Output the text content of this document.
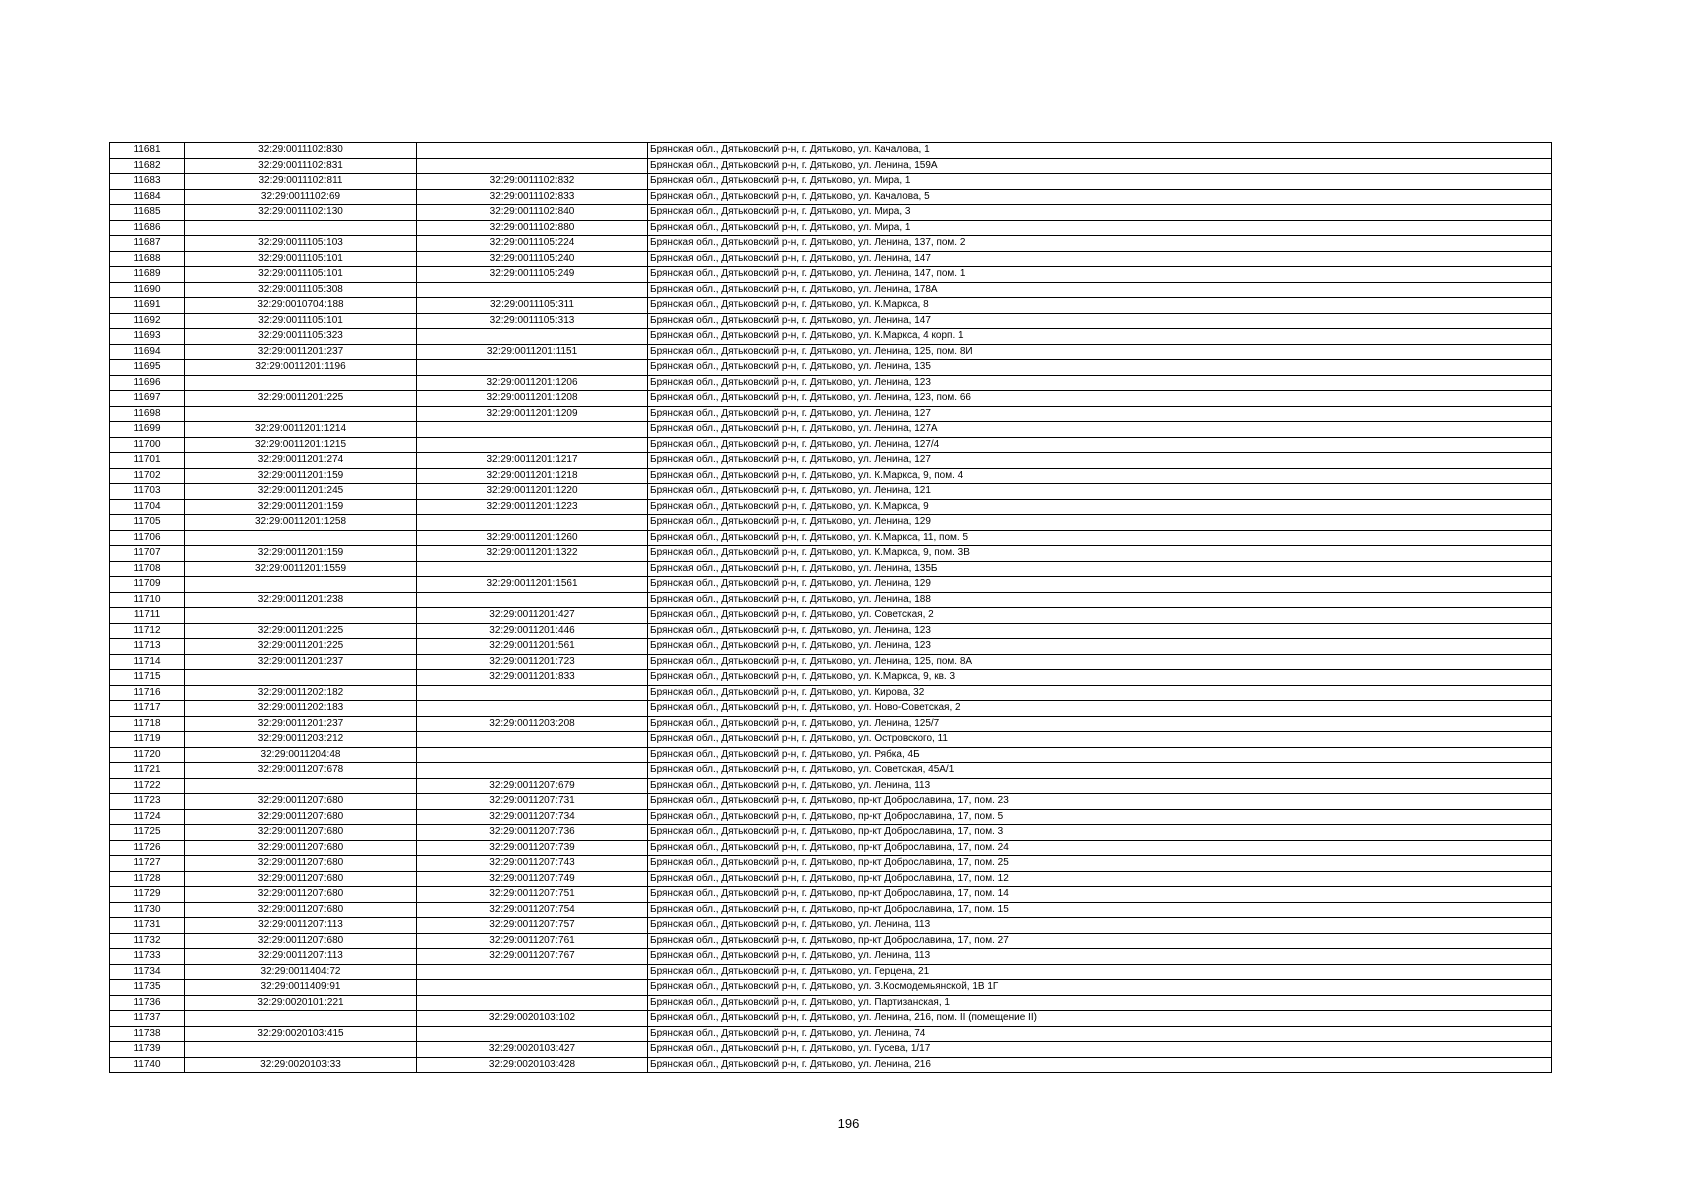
11681	32:29:0011102:830		Брянская обл., Дятьковский р-н, г. Дятьково, ул. Качалова, 1
11682	32:29:0011102:831		Брянская обл., Дятьковский р-н, г. Дятьково, ул. Ленина, 159А
11683	32:29:0011102:811	32:29:0011102:832	Брянская обл., Дятьковский р-н, г. Дятьково, ул. Мира, 1
11684	32:29:0011102:69	32:29:0011102:833	Брянская обл., Дятьковский р-н, г. Дятьково, ул. Качалова, 5
11685	32:29:0011102:130	32:29:0011102:840	Брянская обл., Дятьковский р-н, г. Дятьково, ул. Мира, 3
11686		32:29:0011102:880	Брянская обл., Дятьковский р-н, г. Дятьково, ул. Мира, 1
11687	32:29:0011105:103	32:29:0011105:224	Брянская обл., Дятьковский р-н, г. Дятьково, ул. Ленина, 137, пом. 2
11688	32:29:0011105:101	32:29:0011105:240	Брянская обл., Дятьковский р-н, г. Дятьково, ул. Ленина, 147
11689	32:29:0011105:101	32:29:0011105:249	Брянская обл., Дятьковский р-н, г. Дятьково, ул. Ленина, 147, пом. 1
11690	32:29:0011105:308		Брянская обл., Дятьковский р-н, г. Дятьково, ул. Ленина, 178А
11691	32:29:0010704:188	32:29:0011105:311	Брянская обл., Дятьковский р-н, г. Дятьково, ул. К.Маркса, 8
11692	32:29:0011105:101	32:29:0011105:313	Брянская обл., Дятьковский р-н, г. Дятьково, ул. Ленина, 147
11693	32:29:0011105:323		Брянская обл., Дятьковский р-н, г. Дятьково, ул. К.Маркса, 4 корп. 1
11694	32:29:0011201:237	32:29:0011201:1151	Брянская обл., Дятьковский р-н, г. Дятьково, ул. Ленина, 125, пом. 8И
11695	32:29:0011201:1196		Брянская обл., Дятьковский р-н, г. Дятьково, ул. Ленина, 135
11696		32:29:0011201:1206	Брянская обл., Дятьковский р-н, г. Дятьково, ул. Ленина, 123
11697	32:29:0011201:225	32:29:0011201:1208	Брянская обл., Дятьковский р-н, г. Дятьково, ул. Ленина, 123, пом. 66
11698		32:29:0011201:1209	Брянская обл., Дятьковский р-н, г. Дятьково, ул. Ленина, 127
11699	32:29:0011201:1214		Брянская обл., Дятьковский р-н, г. Дятьково, ул. Ленина, 127А
11700	32:29:0011201:1215		Брянская обл., Дятьковский р-н, г. Дятьково, ул. Ленина, 127/4
11701	32:29:0011201:274	32:29:0011201:1217	Брянская обл., Дятьковский р-н, г. Дятьково, ул. Ленина, 127
11702	32:29:0011201:159	32:29:0011201:1218	Брянская обл., Дятьковский р-н, г. Дятьково, ул. К.Маркса, 9, пом. 4
11703	32:29:0011201:245	32:29:0011201:1220	Брянская обл., Дятьковский р-н, г. Дятьково, ул. Ленина, 121
11704	32:29:0011201:159	32:29:0011201:1223	Брянская обл., Дятьковский р-н, г. Дятьково, ул. К.Маркса, 9
11705	32:29:0011201:1258		Брянская обл., Дятьковский р-н, г. Дятьково, ул. Ленина, 129
11706		32:29:0011201:1260	Брянская обл., Дятьковский р-н, г. Дятьково, ул. К.Маркса, 11, пом. 5
11707	32:29:0011201:159	32:29:0011201:1322	Брянская обл., Дятьковский р-н, г. Дятьково, ул. К.Маркса, 9, пом. 3В
11708	32:29:0011201:1559		Брянская обл., Дятьковский р-н, г. Дятьково, ул. Ленина, 135Б
11709		32:29:0011201:1561	Брянская обл., Дятьковский р-н, г. Дятьково, ул. Ленина, 129
11710	32:29:0011201:238		Брянская обл., Дятьковский р-н, г. Дятьково, ул. Ленина, 188
11711		32:29:0011201:427	Брянская обл., Дятьковский р-н, г. Дятьково, ул. Советская, 2
11712	32:29:0011201:225	32:29:0011201:446	Брянская обл., Дятьковский р-н, г. Дятьково, ул. Ленина, 123
11713	32:29:0011201:225	32:29:0011201:561	Брянская обл., Дятьковский р-н, г. Дятьково, ул. Ленина, 123
11714	32:29:0011201:237	32:29:0011201:723	Брянская обл., Дятьковский р-н, г. Дятьково, ул. Ленина, 125, пом. 8А
11715		32:29:0011201:833	Брянская обл., Дятьковский р-н, г. Дятьково, ул. К.Маркса, 9, кв. 3
11716	32:29:0011202:182		Брянская обл., Дятьковский р-н, г. Дятьково, ул. Кирова, 32
11717	32:29:0011202:183		Брянская обл., Дятьковский р-н, г. Дятьково, ул. Ново-Советская, 2
11718	32:29:0011201:237	32:29:0011203:208	Брянская обл., Дятьковский р-н, г. Дятьково, ул. Ленина, 125/7
11719	32:29:0011203:212		Брянская обл., Дятьковский р-н, г. Дятьково, ул. Островского, 11
11720	32:29:0011204:48		Брянская обл., Дятьковский р-н, г. Дятьково, ул. Рябка, 4Б
11721	32:29:0011207:678		Брянская обл., Дятьковский р-н, г. Дятьково, ул. Советская, 45А/1
11722		32:29:0011207:679	Брянская обл., Дятьковский р-н, г. Дятьково, ул. Ленина, 113
11723	32:29:0011207:680	32:29:0011207:731	Брянская обл., Дятьковский р-н, г. Дятьково, пр-кт Доброславина, 17, пом. 23
11724	32:29:0011207:680	32:29:0011207:734	Брянская обл., Дятьковский р-н, г. Дятьково, пр-кт Доброславина, 17, пом. 5
11725	32:29:0011207:680	32:29:0011207:736	Брянская обл., Дятьковский р-н, г. Дятьково, пр-кт Доброславина, 17, пом. 3
11726	32:29:0011207:680	32:29:0011207:739	Брянская обл., Дятьковский р-н, г. Дятьково, пр-кт Доброславина, 17, пом. 24
11727	32:29:0011207:680	32:29:0011207:743	Брянская обл., Дятьковский р-н, г. Дятьково, пр-кт Доброславина, 17, пом. 25
11728	32:29:0011207:680	32:29:0011207:749	Брянская обл., Дятьковский р-н, г. Дятьково, пр-кт Доброславина, 17, пом. 12
11729	32:29:0011207:680	32:29:0011207:751	Брянская обл., Дятьковский р-н, г. Дятьково, пр-кт Доброславина, 17, пом. 14
11730	32:29:0011207:680	32:29:0011207:754	Брянская обл., Дятьковский р-н, г. Дятьково, пр-кт Доброславина, 17, пом. 15
11731	32:29:0011207:113	32:29:0011207:757	Брянская обл., Дятьковский р-н, г. Дятьково, ул. Ленина, 113
11732	32:29:0011207:680	32:29:0011207:761	Брянская обл., Дятьковский р-н, г. Дятьково, пр-кт Доброславина, 17, пом. 27
11733	32:29:0011207:113	32:29:0011207:767	Брянская обл., Дятьковский р-н, г. Дятьково, ул. Ленина, 113
11734	32:29:0011404:72		Брянская обл., Дятьковский р-н, г. Дятьково, ул. Герцена, 21
11735	32:29:0011409:91		Брянская обл., Дятьковский р-н, г. Дятьково, ул. З.Космодемьянской, 1В 1Г
11736	32:29:0020101:221		Брянская обл., Дятьковский р-н, г. Дятьково, ул. Партизанская, 1
11737		32:29:0020103:102	Брянская обл., Дятьковский р-н, г. Дятьково, ул. Ленина, 216, пом. II (помещение II)
11738	32:29:0020103:415		Брянская обл., Дятьковский р-н, г. Дятьково, ул. Ленина, 74
11739		32:29:0020103:427	Брянская обл., Дятьковский р-н, г. Дятьково, ул. Гусева, 1/17
11740	32:29:0020103:33	32:29:0020103:428	Брянская обл., Дятьковский р-н, г. Дятьково, ул. Ленина, 216
196
